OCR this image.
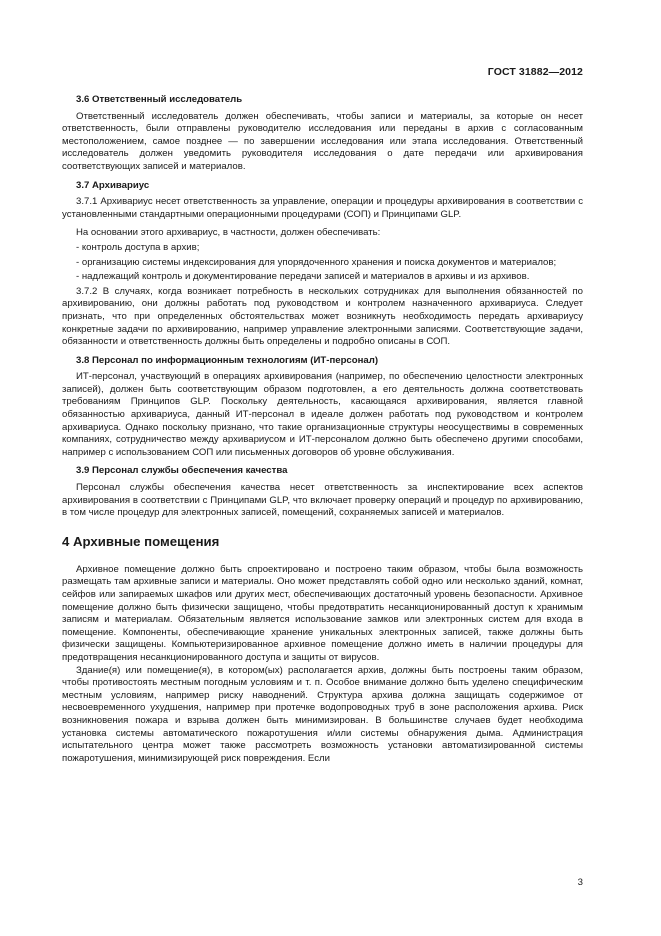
ГОСТ 31882—2012
3.6 Ответственный исследователь
Ответственный исследователь должен обеспечивать, чтобы записи и материалы, за которые он несет ответственность, были отправлены руководителю исследования или переданы в архив с согласованным местоположением, самое позднее — по завершении исследования или этапа исследования. Ответственный исследователь должен уведомить руководителя исследования о дате передачи или архивирования соответствующих записей и материалов.
3.7 Архивариус
3.7.1 Архивариус несет ответственность за управление, операции и процедуры архивирования в соответствии с установленными стандартными операционными процедурами (СОП) и Принципами GLP.
На основании этого архивариус, в частности, должен обеспечивать:
- контроль доступа в архив;
- организацию системы индексирования для упорядоченного хранения и поиска документов и материалов;
- надлежащий контроль и документирование передачи записей и материалов в архивы и из архивов.
3.7.2 В случаях, когда возникает потребность в нескольких сотрудниках для выполнения обязанностей по архивированию, они должны работать под руководством и контролем назначенного архивариуса. Следует признать, что при определенных обстоятельствах может возникнуть необходимость передать архивариусу конкретные задачи по архивированию, например управление электронными записями. Соответствующие задачи, обязанности и ответственность должны быть определены и подробно описаны в СОП.
3.8 Персонал по информационным технологиям (ИТ-персонал)
ИТ-персонал, участвующий в операциях архивирования (например, по обеспечению целостности электронных записей), должен быть соответствующим образом подготовлен, а его деятельность должна соответствовать требованиям Принципов GLP. Поскольку деятельность, касающаяся архивирования, является главной обязанностью архивариуса, данный ИТ-персонал в идеале должен работать под руководством и контролем архивариуса. Однако поскольку признано, что такие организационные структуры неосуществимы в современных компаниях, сотрудничество между архивариусом и ИТ-персоналом должно быть обеспечено другими способами, например с использованием СОП или письменных договоров об уровне обслуживания.
3.9 Персонал службы обеспечения качества
Персонал службы обеспечения качества несет ответственность за инспектирование всех аспектов архивирования в соответствии с Принципами GLP, что включает проверку операций и процедур по архивированию, в том числе процедур для электронных записей, помещений, сохраняемых записей и материалов.
4 Архивные помещения
Архивное помещение должно быть спроектировано и построено таким образом, чтобы была возможность размещать там архивные записи и материалы. Оно может представлять собой одно или несколько зданий, комнат, сейфов или запираемых шкафов или других мест, обеспечивающих достаточный уровень безопасности. Архивное помещение должно быть физически защищено, чтобы предотвратить несанкционированный доступ к хранимым записям и материалам. Обязательным является использование замков или электронных систем для входа в помещение. Компоненты, обеспечивающие хранение уникальных электронных записей, также должны быть физически защищены. Компьютеризированное архивное помещение должно иметь в наличии процедуры для предотвращения несанкционированного доступа и защиты от вирусов.
Здание(я) или помещение(я), в котором(ых) располагается архив, должны быть построены таким образом, чтобы противостоять местным погодным условиям и т. п. Особое внимание должно быть уделено специфическим местным условиям, например риску наводнений. Структура архива должна защищать содержимое от несвоевременного ухудшения, например при протечке водопроводных труб в зоне расположения архива. Риск возникновения пожара и взрыва должен быть минимизирован. В большинстве случаев будет необходима установка системы автоматического пожаротушения и/или системы обнаружения дыма. Администрация испытательного центра может также рассмотреть возможность установки автоматизированной системы пожаротушения, минимизирующей риск повреждения. Если
3
